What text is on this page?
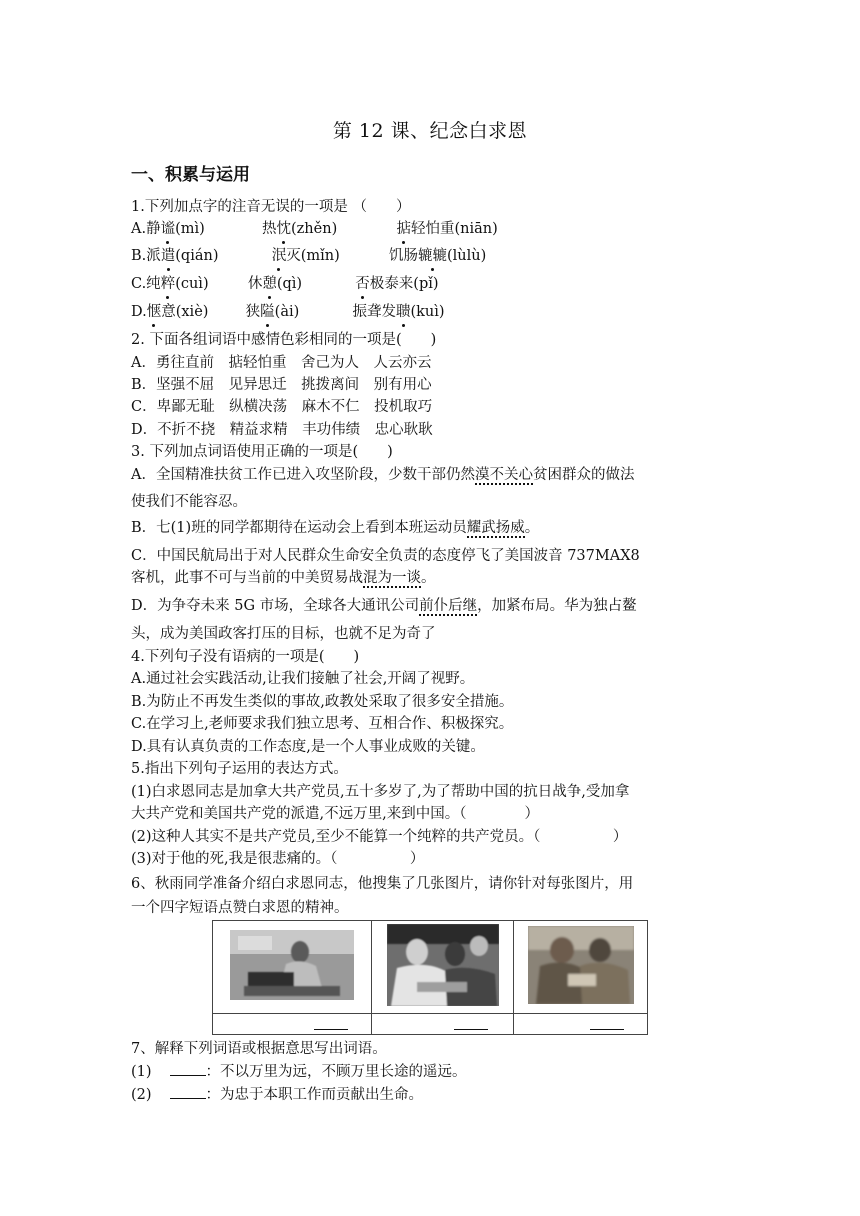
第 12 课、纪念白求恩
一、积累与运用
1.下列加点字的注音无误的一项是 （　　）
A.静谧(mì)	热忱(zhěn)	掂轻怕重(niān)
B.派遣(qián)	泯灭(mǐn)	饥肠辘辘(lùlù)
C.纯粹(cuì)	休憩(qì)	否极泰来(pǐ)
D.惬意(xiè)	狭隘(ài)	振聋发聩(kuì)
2. 下面各组词语中感情色彩相同的一项是(　　)
A．勇往直前　掂轻怕重　舍己为人　人云亦云
B．坚强不屈　见异思迁　挑拨离间　别有用心
C．卑鄙无耻　纵横决荡　麻木不仁　投机取巧
D．不折不挠　精益求精　丰功伟绩　忠心耿耿
3. 下列加点词语使用正确的一项是(　　)
A．全国精准扶贫工作已进入攻坚阶段，少数干部仍然漠不关心贫困群众的做法
使我们不能容忍。
B．七(1)班的同学都期待在运动会上看到本班运动员耀武扬威。
C．中国民航局出于对人民群众生命安全负责的态度停飞了美国波音 737MAX8
客机，此事不可与当前的中美贸易战混为一谈。
D．为争夺未来 5G 市场，全球各大通讯公司前仆后继，加紧布局。华为独占鳌
头，成为美国政客打压的目标，也就不足为奇了
4.下列句子没有语病的一项是(　　)
A.通过社会实践活动,让我们接触了社会,开阔了视野。
B.为防止不再发生类似的事故,政教处采取了很多安全措施。
C.在学习上,老师要求我们独立思考、互相合作、积极探究。
D.具有认真负责的工作态度,是一个人事业成败的关键。
5.指出下列句子运用的表达方式。
(1)白求恩同志是加拿大共产党员,五十多岁了,为了帮助中国的抗日战争,受加拿
大共产党和美国共产党的派遣,不远万里,来到中国。（　　　　）
(2)这种人其实不是共产党员,至少不能算一个纯粹的共产党员。（　　　　　）
(3)对于他的死,我是很悲痛的。（　　　　　）
6、秋雨同学准备介绍白求恩同志，他搜集了几张图片，请你针对每张图片，用
一个四字短语点赞白求恩的精神。

7、解释下列词语或根据意思写出词语。
(1)	：不以万里为远，不顾万里长途的遥远。
(2)	：为忠于本职工作而贡献出生命。
